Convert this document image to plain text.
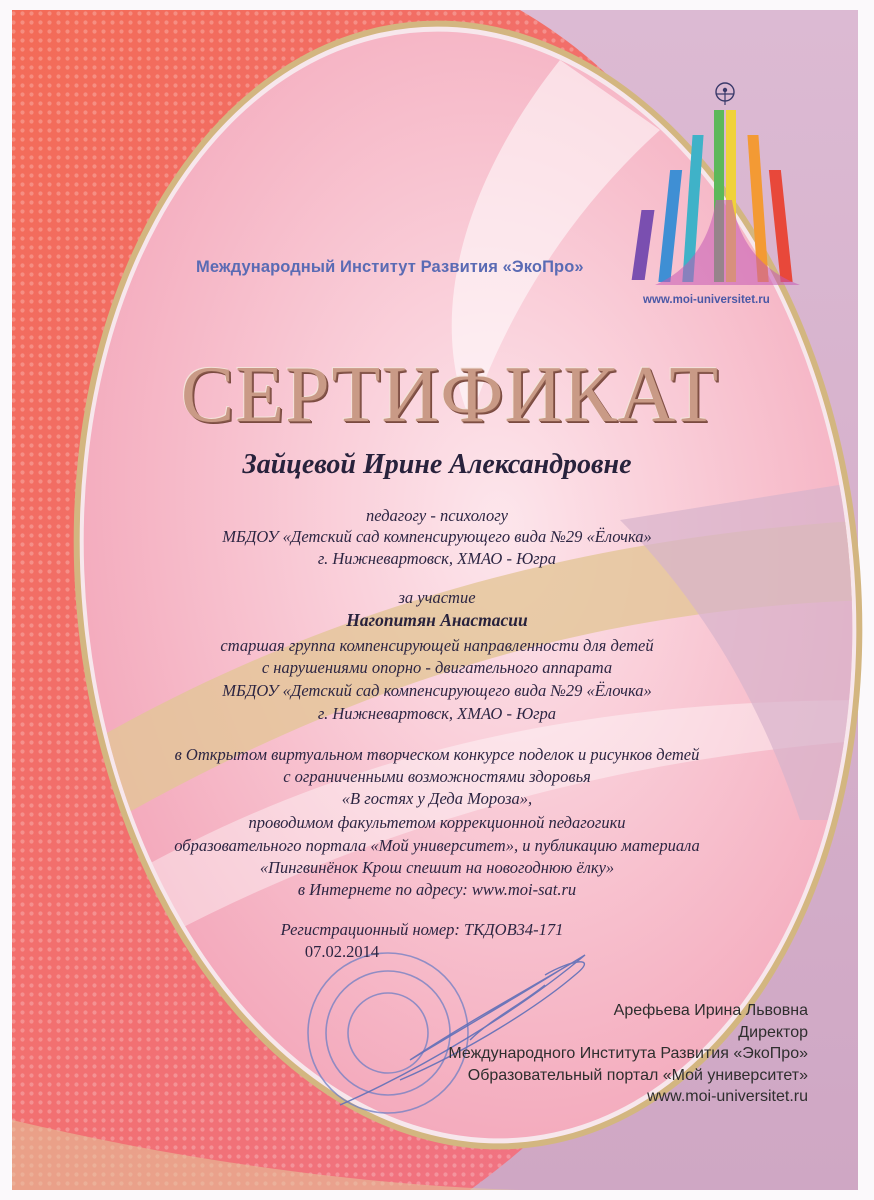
Международный Институт Развития «ЭкоПро»
www.moi-universitet.ru
СЕРТИФИКАТ

Зайцевой Ирине Александровне

педагогу - психологу

МБДОУ «Детский сад компенсирующего вида №29 «Ёлочка»

г. Нижневартовск, ХМАО - Югра

за участие

Нагопитян Анастасии

старшая группа компенсирующей направленности для детей

с нарушениями опорно - двигательного аппарата

МБДОУ «Детский сад компенсирующего вида №29 «Ёлочка»

г. Нижневартовск, ХМАО - Югра

в Открытом виртуальном творческом конкурсе поделок и рисунков детей

с ограниченными возможностями здоровья

«В гостях у Деда Мороза»,

проводимом факультетом коррекционной педагогики

образовательного портала «Мой университет», и публикацию материала

«Пингвинёнок Крош спешит на новогоднюю ёлку»

в Интернете по адресу: www.moi-sat.ru

Регистрационный номер: ТКДОВ34-171

07.02.2014

Арефьева Ирина Львовна
Директор
Международного Института Развития «ЭкоПро»
Образовательный портал «Мой университет»
www.moi-universitet.ru
